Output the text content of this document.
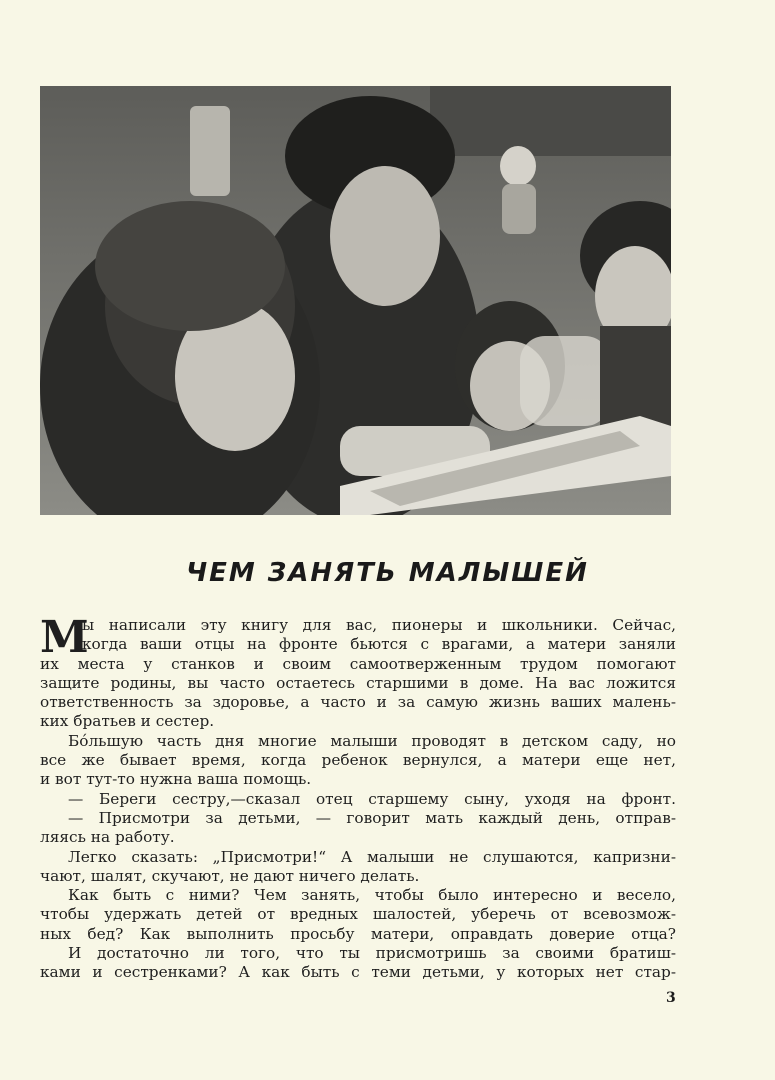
ЧЕМ ЗАНЯТЬ МАЛЫШЕЙ
М
ы написали эту книгу для вас, пионеры и школьники. Сейчас,
когда ваши отцы на фронте бьются с врагами, а матери заняли
их места у станков и своим самоотверженным трудом помогают
защите родины, вы часто остаетесь старшими в доме. На вас ложится
ответственность за здоровье, а часто и за самую жизнь ваших малень-
ких братьев и сестер.
Бóльшую часть дня многие малыши проводят в детском саду, но
все же бывает время, когда ребенок вернулся, а матери еще нет,
и вот тут-то нужна ваша помощь.
— Береги сестру,—сказал отец старшему сыну, уходя на фронт.
— Присмотри за детьми, — говорит мать каждый день, отправ-
ляясь на работу.
Легко сказать: „Присмотри!“ А малыши не слушаются, капризни-
чают, шалят, скучают, не дают ничего делать.
Как быть с ними? Чем занять, чтобы было интересно и весело,
чтобы удержать детей от вредных шалостей, уберечь от всевозмож-
ных бед? Как выполнить просьбу матери, оправдать доверие отца?
И достаточно ли того, что ты присмотришь за своими братиш-
ками и сестренками? А как быть с теми детьми, у которых нет стар-
3
